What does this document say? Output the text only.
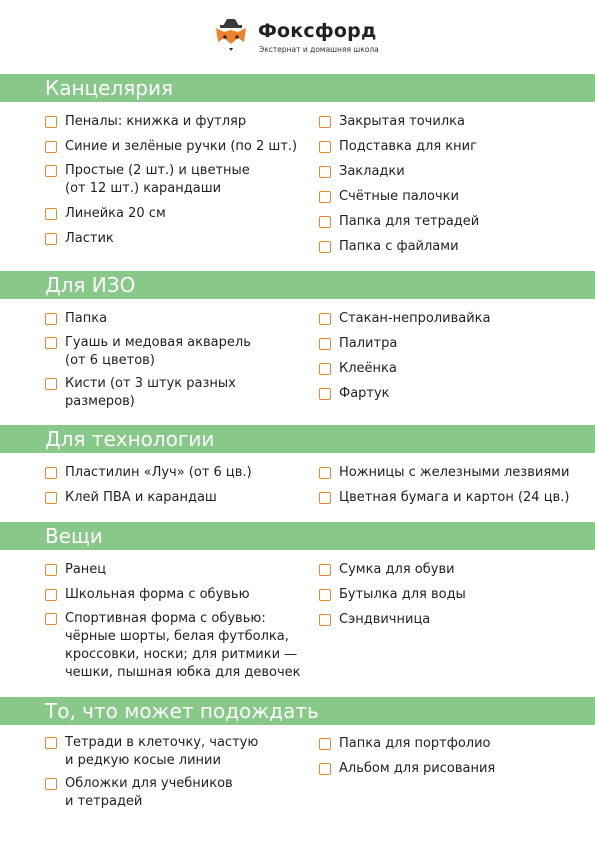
Фоксфорд
Экстернат и домашняя школа
Канцелярия
Пеналы: книжка и футляр
Синие и зелёные ручки (по 2 шт.)
Простые (2 шт.) и цветные
(от 12 шт.) карандаши
Линейка 20 см
Ластик
Закрытая точилка
Подставка для книг
Закладки
Счётные палочки
Папка для тетрадей
Папка с файлами
Для ИЗО
Папка
Гуашь и медовая акварель
(от 6 цветов)
Кисти (от 3 штук разных
размеров)
Стакан-непроливайка
Палитра
Клеёнка
Фартук
Для технологии
Пластилин «Луч» (от 6 цв.)
Клей ПВА и карандаш
Ножницы с железными лезвиями
Цветная бумага и картон (24 цв.)
Вещи
Ранец
Школьная форма с обувью
Спортивная форма с обувью:
чёрные шорты, белая футболка,
кроссовки, носки; для ритмики —
чешки, пышная юбка для девочек
Сумка для обуви
Бутылка для воды
Сэндвичница
То, что может подождать
Тетради в клеточку, частую
и редкую косые линии
Обложки для учебников
и тетрадей
Папка для портфолио
Альбом для рисования
